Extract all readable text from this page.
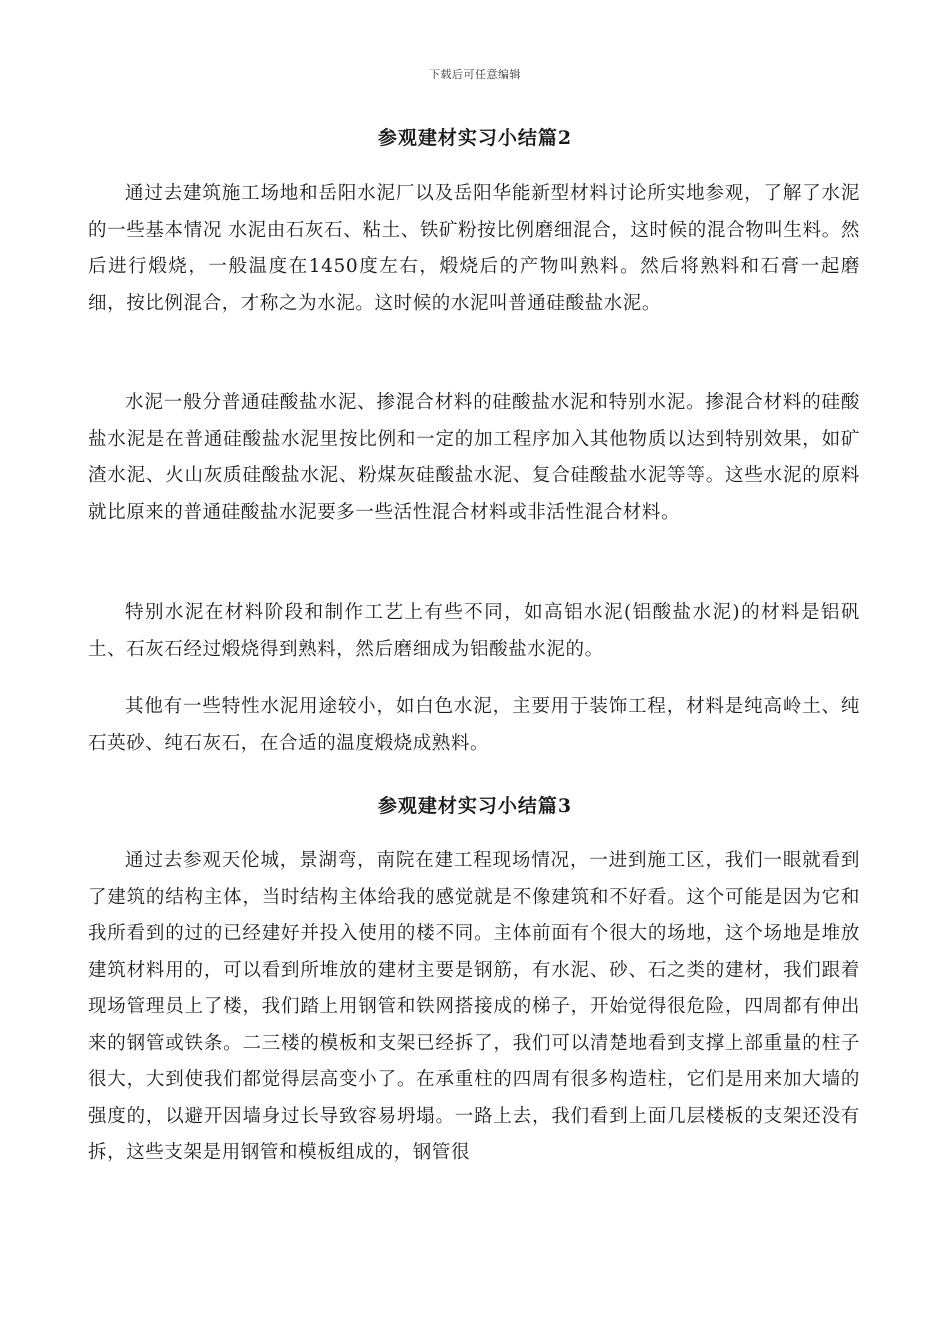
下载后可任意编辑
参观建材实习小结篇2

通过去建筑施工场地和岳阳水泥厂以及岳阳华能新型材料讨论所实地参观，了解了水泥的一些基本情况 水泥由石灰石、粘土、铁矿粉按比例磨细混合，这时候的混合物叫生料。然后进行煅烧，一般温度在1450度左右，煅烧后的产物叫熟料。然后将熟料和石膏一起磨细，按比例混合，才称之为水泥。这时候的水泥叫普通硅酸盐水泥。

水泥一般分普通硅酸盐水泥、掺混合材料的硅酸盐水泥和特别水泥。掺混合材料的硅酸盐水泥是在普通硅酸盐水泥里按比例和一定的加工程序加入其他物质以达到特别效果，如矿渣水泥、火山灰质硅酸盐水泥、粉煤灰硅酸盐水泥、复合硅酸盐水泥等等。这些水泥的原料就比原来的普通硅酸盐水泥要多一些活性混合材料或非活性混合材料。

特别水泥在材料阶段和制作工艺上有些不同，如高铝水泥(铝酸盐水泥)的材料是铝矾土、石灰石经过煅烧得到熟料，然后磨细成为铝酸盐水泥的。

其他有一些特性水泥用途较小，如白色水泥，主要用于装饰工程，材料是纯高岭土、纯石英砂、纯石灰石，在合适的温度煅烧成熟料。

参观建材实习小结篇3

通过去参观天伦城，景湖弯，南院在建工程现场情况，一进到施工区，我们一眼就看到了建筑的结构主体，当时结构主体给我的感觉就是不像建筑和不好看。这个可能是因为它和我所看到的过的已经建好并投入使用的楼不同。主体前面有个很大的场地，这个场地是堆放建筑材料用的，可以看到所堆放的建材主要是钢筋，有水泥、砂、石之类的建材，我们跟着现场管理员上了楼，我们踏上用钢管和铁网搭接成的梯子，开始觉得很危险，四周都有伸出来的钢管或铁条。二三楼的模板和支架已经拆了，我们可以清楚地看到支撑上部重量的柱子很大，大到使我们都觉得层高变小了。在承重柱的四周有很多构造柱，它们是用来加大墙的强度的，以避开因墙身过长导致容易坍塌。一路上去，我们看到上面几层楼板的支架还没有拆，这些支架是用钢管和模板组成的，钢管很
